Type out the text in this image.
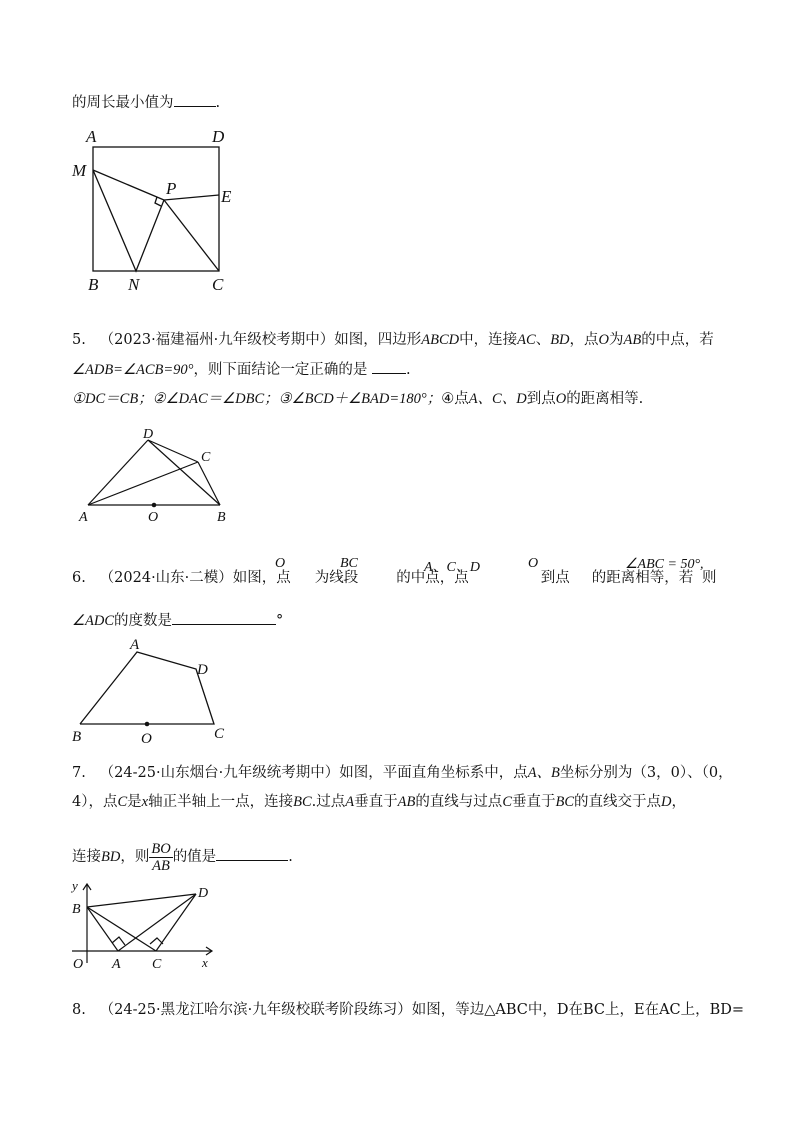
的周长最小值为	.
A	D
M
P	E
B N	C
5. （2023·福建福州·九年级校考期中）如图，四边形ABCD中，连接AC、BD，点O为AB的中点，若
∠ADB=∠ACB=90°，则下面结论一定正确的是	.
①DC＝CB；②∠DAC＝∠DBC；③∠BCD＋∠BAD=180°；④点A、C、D到点O的距离相等.
D
C
A	O	B
6. （2024·山东·二模）如图，点 为线段	的中点，点	到点 的距离相等，若
O	BC	A、C、D	O	∠ABC = 50°,
则
∠ADC的度数是	°
A
D
B	O	C
7. （24-25·山东烟台·九年级统考期中）如图，平面直角坐标系中，点A、B坐标分别为（3，0）、（0，
4），点C是x轴正半轴上一点，连接BC.过点A垂直于AB的直线与过点C垂直于BC的直线交于点D，
连接BD，则 $\frac{BO}{AB}$ 的值是	.
y
B
D
O A C	x
8. （24-25·黑龙江哈尔滨·九年级校联考阶段练习）如图，等边△ABC中，D在BC上，E在AC上，BD=
